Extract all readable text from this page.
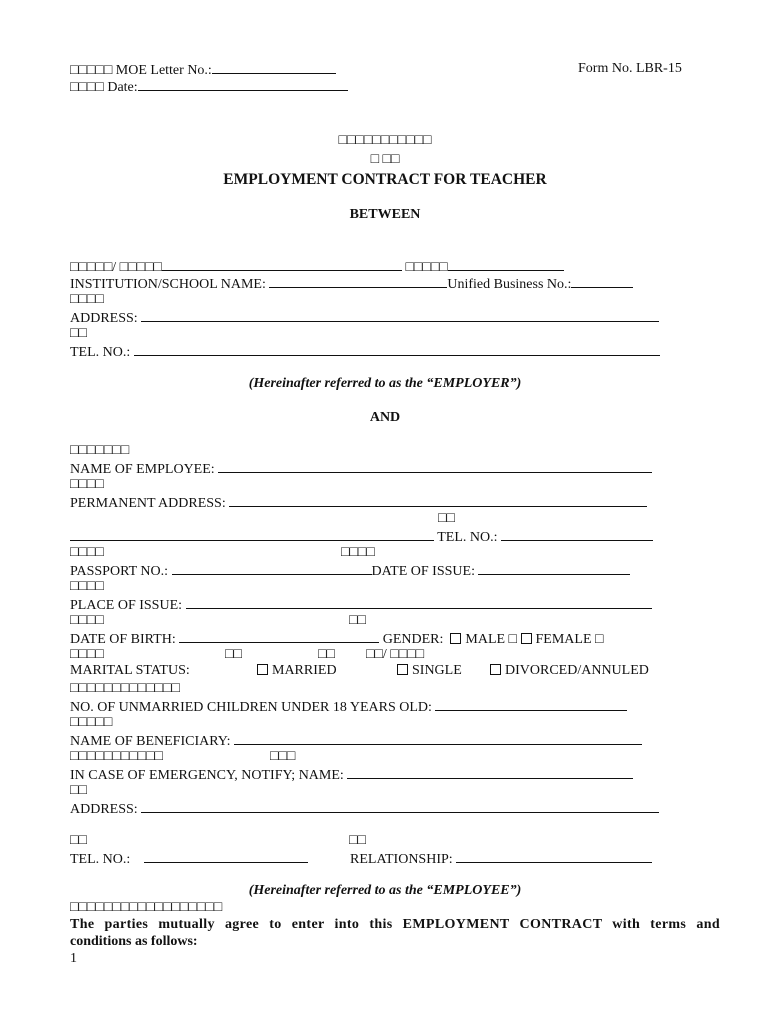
□□□□□ MOE Letter No.:	Form No. LBR-15
□□□□ Date:
□□□□□□□□□□□
□ □□
EMPLOYMENT CONTRACT FOR TEACHER
BETWEEN
□□□□□/ □□□□□	□□□□□
INSTITUTION/SCHOOL NAME:	Unified Business No.:
□□□□
ADDRESS:
□□
TEL. NO.:
(Hereinafter referred to as the “EMPLOYER”)
AND
□□□□□□□
NAME OF EMPLOYEE:
□□□□
PERMANENT ADDRESS:
□□
TEL. NO.:
□□□□	□□□□
PASSPORT NO.:	DATE OF ISSUE:
□□□□
PLACE OF ISSUE:
□□□□	□□
DATE OF BIRTH:	GENDER: MALE □ FEMALE □
□□□□	□□	□□ □□/ □□□□
MARITAL STATUS:	MARRIED	SINGLE	DIVORCED/ANNULED
□□□□□□□□□□□□□
NO. OF UNMARRIED CHILDREN UNDER 18 YEARS OLD:
□□□□□
NAME OF BENEFICIARY:
□□□□□□□□□□□	□□□
IN CASE OF EMERGENCY, NOTIFY; NAME:
□□
ADDRESS:
□□	□□
TEL. NO.:	RELATIONSHIP:
(Hereinafter referred to as the “EMPLOYEE”)
□□□□□□□□□□□□□□□□□□
The parties mutually agree to enter into this EMPLOYMENT CONTRACT with terms and
conditions as follows:
1
